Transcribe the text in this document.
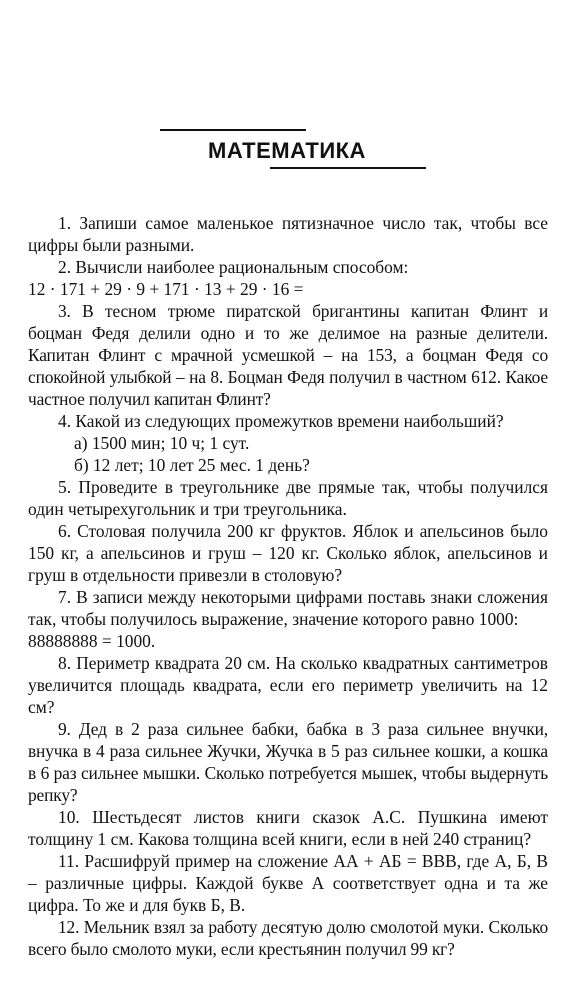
МАТЕМАТИКА

1. Запиши самое маленькое пятизначное число так, чтобы все цифры были разными.

2. Вычисли наиболее рациональным способом:

12 · 171 + 29 · 9 + 171 · 13 + 29 · 16 =

3. В тесном трюме пиратской бригантины капитан Флинт и боцман Федя делили одно и то же делимое на разные делители. Капитан Флинт с мрачной усмешкой – на 153, а боцман Федя со спокойной улыбкой – на 8. Боцман Федя получил в частном 612. Какое частное получил капитан Флинт?

4. Какой из следующих промежутков времени наибольший?

а) 1500 мин; 10 ч; 1 сут.

б) 12 лет; 10 лет 25 мес. 1 день?

5. Проведите в треугольнике две прямые так, чтобы получился один четырехугольник и три треугольника.

6. Столовая получила 200 кг фруктов. Яблок и апельсинов было 150 кг, а апельсинов и груш – 120 кг. Сколько яблок, апельсинов и груш в отдельности привезли в столовую?

7. В записи между некоторыми цифрами поставь знаки сложения так, чтобы получилось выражение, значение которого равно 1000:

88888888 = 1000.

8. Периметр квадрата 20 см. На сколько квадратных сантиметров увеличится площадь квадрата, если его периметр увеличить на 12 см?

9. Дед в 2 раза сильнее бабки, бабка в 3 раза сильнее внучки, внучка в 4 раза сильнее Жучки, Жучка в 5 раз сильнее кошки, а кошка в 6 раз сильнее мышки. Сколько потребуется мышек, чтобы выдернуть репку?

10. Шестьдесят листов книги сказок А.С. Пушкина имеют толщину 1 см. Какова толщина всей книги, если в ней 240 страниц?

11. Расшифруй пример на сложение АА + АБ = ВВВ, где А, Б, В – различные цифры. Каждой букве А соответствует одна и та же цифра. То же и для букв Б, В.

12. Мельник взял за работу десятую долю смолотой муки. Сколько всего было смолото муки, если крестьянин получил 99 кг?
